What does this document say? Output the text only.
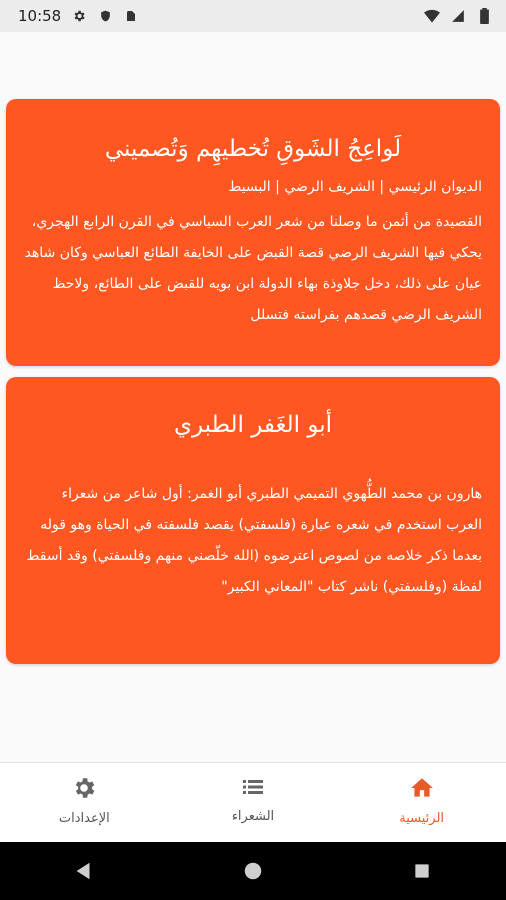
10:58
لَواعِجُ الشَوقِ تُخطيهِم وَتُصميني
الديوان الرئيسي | الشريف الرضي | البسيط
القصيدة من أثمن ما وصلنا من شعر العرب السياسي في القرن الرابع الهجري، يحكي فيها الشريف الرضي قصة القبض على الخايفة الطائع العباسي وكان شاهد عيان على ذلك، دخل جلاوذة بهاء الدولة ابن بويه للقبض على الطائع، ولاحظ الشريف الرضي قصدهم بفراسته فتسلل
أبو الغَفر الطبري
هارون بن محمد الطُّهوي التميمي الطبري أبو الغمر: أول شاعر من شعراء العرب استخدم في شعره عبارة (فلسفتي) يقصد فلسفته في الحياة وهو قوله بعدما ذكر خلاصه من لصوص اعترضوه (الله خلّصني منهم وفلسفتي) وقد أسقط لفظة (وفلسفتي) ناشر كتاب "المعاني الكبير"
الإعدادات	الشعراء	الرئيسية
